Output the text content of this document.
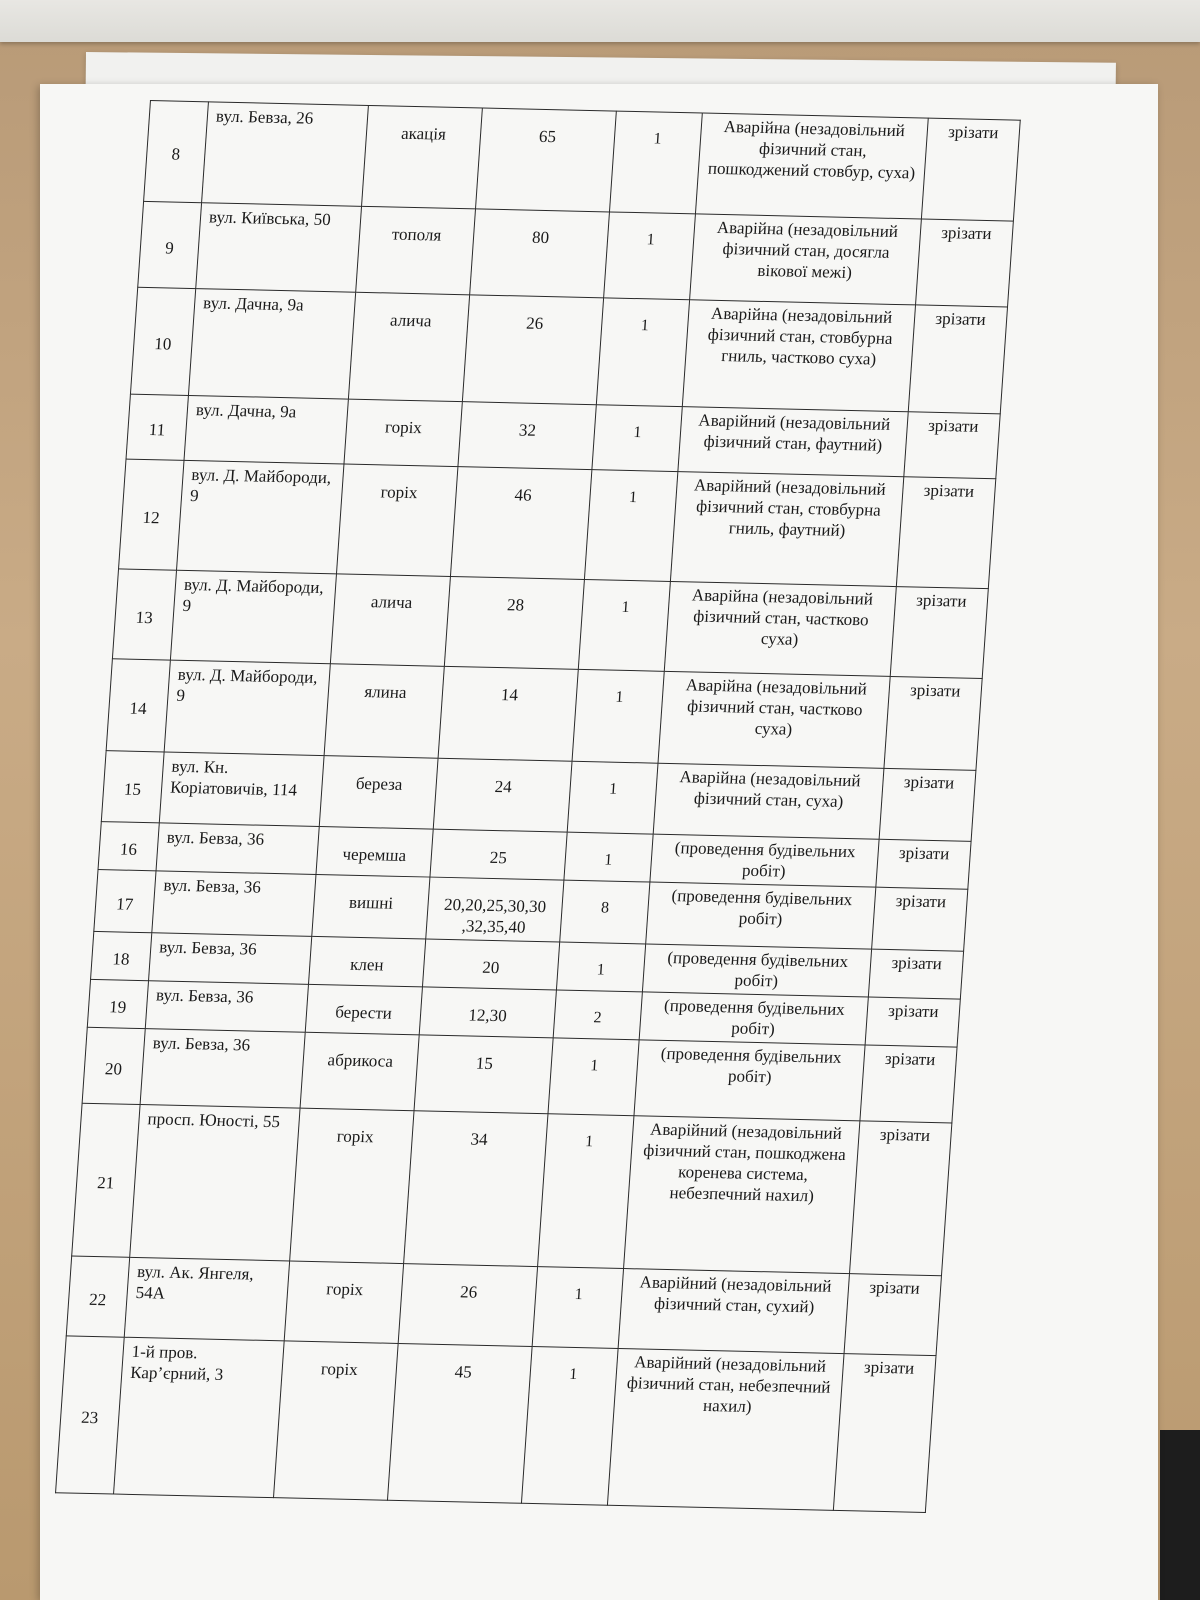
8	вул. Бевза, 26	акація	65	1	Аварійна (незадовільний фізичний стан, пошкоджений стовбур, суха)	зрізати
9	вул. Київська, 50	тополя	80	1	Аварійна (незадовільний фізичний стан, досягла вікової межі)	зрізати
10	вул. Дачна, 9а	алича	26	1	Аварійна (незадовільний фізичний стан, стовбурна гниль, частково суха)	зрізати
11	вул. Дачна, 9а	горіх	32	1	Аварійний (незадовільний фізичний стан, фаутний)	зрізати
12	вул. Д. Майбороди, 9	горіх	46	1	Аварійний (незадовільний фізичний стан, стовбурна гниль, фаутний)	зрізати
13	вул. Д. Майбороди, 9	алича	28	1	Аварійна (незадовільний фізичний стан, частково суха)	зрізати
14	вул. Д. Майбороди, 9	ялина	14	1	Аварійна (незадовільний фізичний стан, частково суха)	зрізати
15	вул. Кн. Коріатовичів, 114	береза	24	1	Аварійна (незадовільний фізичний стан, суха)	зрізати
16	вул. Бевза, 36	черемша	25	1	(проведення будівельних робіт)	зрізати
17	вул. Бевза, 36	вишні	20,20,25,30,30 ,32,35,40	8	(проведення будівельних робіт)	зрізати
18	вул. Бевза, 36	клен	20	1	(проведення будівельних робіт)	зрізати
19	вул. Бевза, 36	берести	12,30	2	(проведення будівельних робіт)	зрізати
20	вул. Бевза, 36	абрикоса	15	1	(проведення будівельних робіт)	зрізати
21	просп. Юності, 55	горіх	34	1	Аварійний (незадовільний фізичний стан, пошкоджена коренева система, небезпечний нахил)	зрізати
22	вул. Ак. Янгеля, 54А	горіх	26	1	Аварійний (незадовільний фізичний стан, сухий)	зрізати
23	1-й пров. Кар’єрний, 3	горіх	45	1	Аварійний (незадовільний фізичний стан, небезпечний нахил)	зрізати
